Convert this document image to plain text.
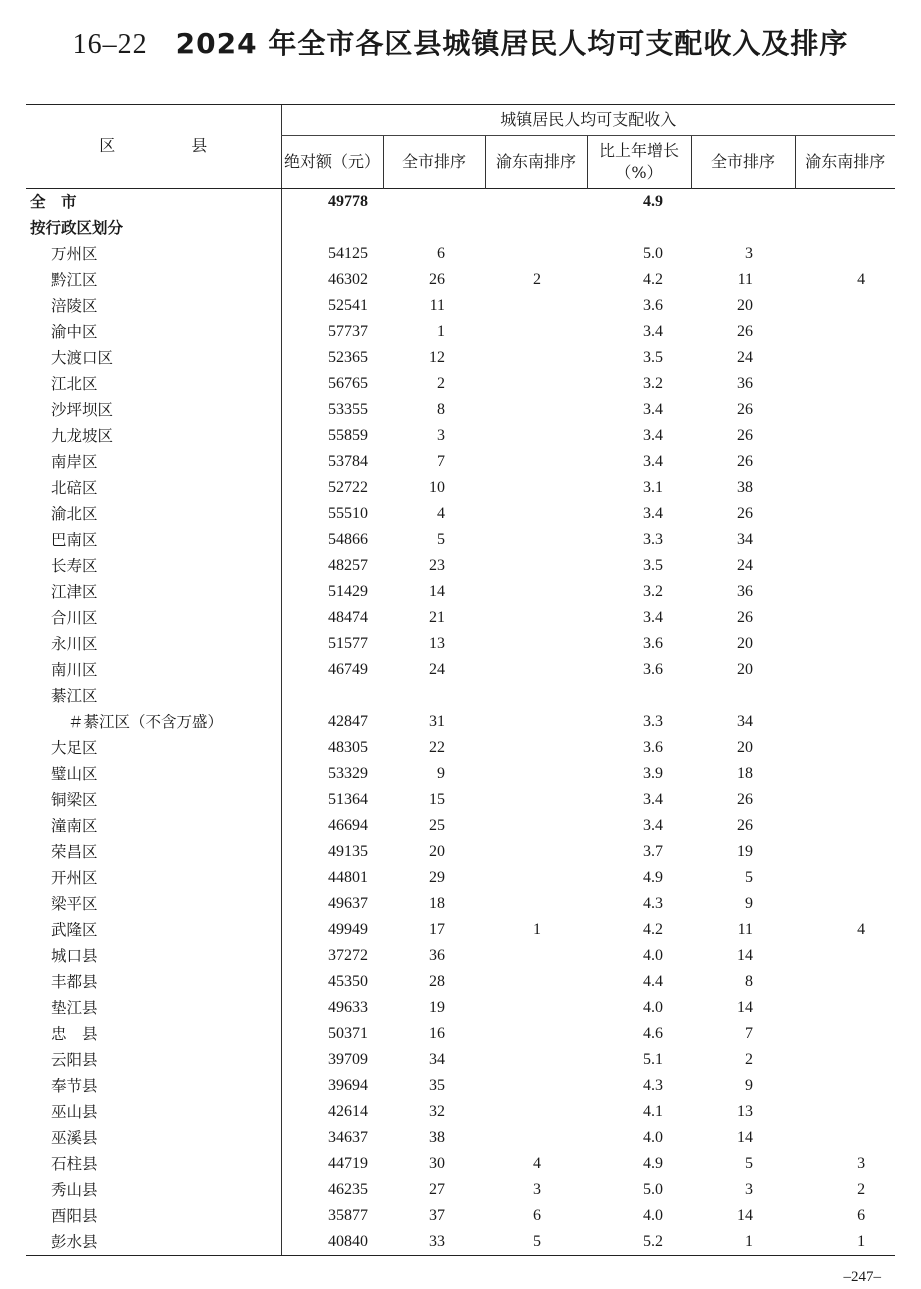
16–22 2024 年全市各区县城镇居民人均可支配收入及排序
区　县	城镇居民人均可支配收入					
	绝对额（元）	全市排序	渝东南排序	比上年增长（%）	全市排序	渝东南排序
全　市	49778			4.9		
按行政区划分						
万州区	54125	6		5.0	3	
黔江区	46302	26	2	4.2	11	4
涪陵区	52541	11		3.6	20	
渝中区	57737	1		3.4	26	
大渡口区	52365	12		3.5	24	
江北区	56765	2		3.2	36	
沙坪坝区	53355	8		3.4	26	
九龙坡区	55859	3		3.4	26	
南岸区	53784	7		3.4	26	
北碚区	52722	10		3.1	38	
渝北区	55510	4		3.4	26	
巴南区	54866	5		3.3	34	
长寿区	48257	23		3.5	24	
江津区	51429	14		3.2	36	
合川区	48474	21		3.4	26	
永川区	51577	13		3.6	20	
南川区	46749	24		3.6	20	
綦江区						
＃綦江区（不含万盛）	42847	31		3.3	34	
大足区	48305	22		3.6	20	
璧山区	53329	9		3.9	18	
铜梁区	51364	15		3.4	26	
潼南区	46694	25		3.4	26	
荣昌区	49135	20		3.7	19	
开州区	44801	29		4.9	5	
梁平区	49637	18		4.3	9	
武隆区	49949	17	1	4.2	11	4
城口县	37272	36		4.0	14	
丰都县	45350	28		4.4	8	
垫江县	49633	19		4.0	14	
忠　县	50371	16		4.6	7	
云阳县	39709	34		5.1	2	
奉节县	39694	35		4.3	9	
巫山县	42614	32		4.1	13	
巫溪县	34637	38		4.0	14	
石柱县	44719	30	4	4.9	5	3
秀山县	46235	27	3	5.0	3	2
酉阳县	35877	37	6	4.0	14	6
彭水县	40840	33	5	5.2	1	1
–247–
